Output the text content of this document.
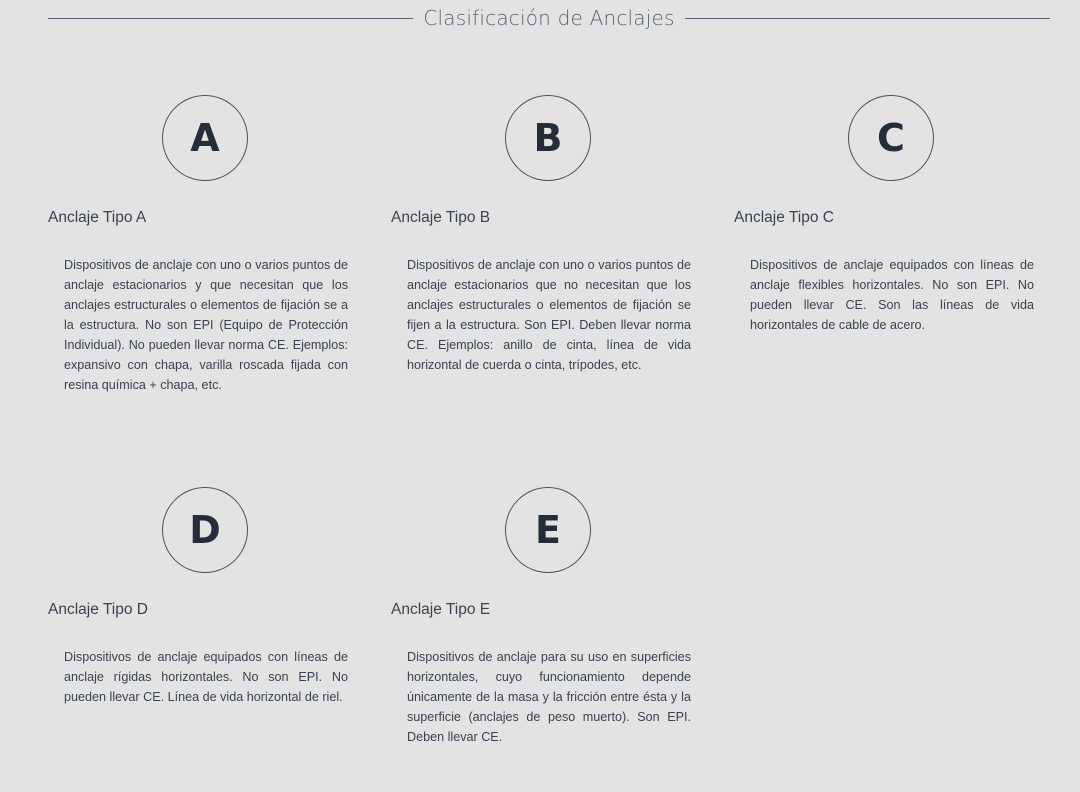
Clasificación de Anclajes
A
Anclaje Tipo A

Dispositivos de anclaje con uno o varios puntos de anclaje estacionarios y que necesitan que los anclajes estructurales o elementos de fijación se a la estructura. No son EPI (Equipo de Protección Individual). No pueden llevar norma CE. Ejemplos: expansivo con chapa, varilla roscada fijada con resina química + chapa, etc.

B
Anclaje Tipo B

Dispositivos de anclaje con uno o varios puntos de anclaje estacionarios que no necesitan que los anclajes estructurales o elementos de fijación se fijen a la estructura. Son EPI. Deben llevar norma CE. Ejemplos: anillo de cinta, línea de vida horizontal de cuerda o cinta, trípodes, etc.

C
Anclaje Tipo C

Dispositivos de anclaje equipados con líneas de anclaje flexibles horizontales. No son EPI. No pueden llevar CE. Son las líneas de vida horizontales de cable de acero.

D
Anclaje Tipo D

Dispositivos de anclaje equipados con líneas de anclaje rígidas horizontales. No son EPI. No pueden llevar CE. Línea de vida horizontal de riel.

E
Anclaje Tipo E

Dispositivos de anclaje para su uso en superficies horizontales, cuyo funcionamiento depende únicamente de la masa y la fricción entre ésta y la superficie (anclajes de peso muerto). Son EPI. Deben llevar CE.
